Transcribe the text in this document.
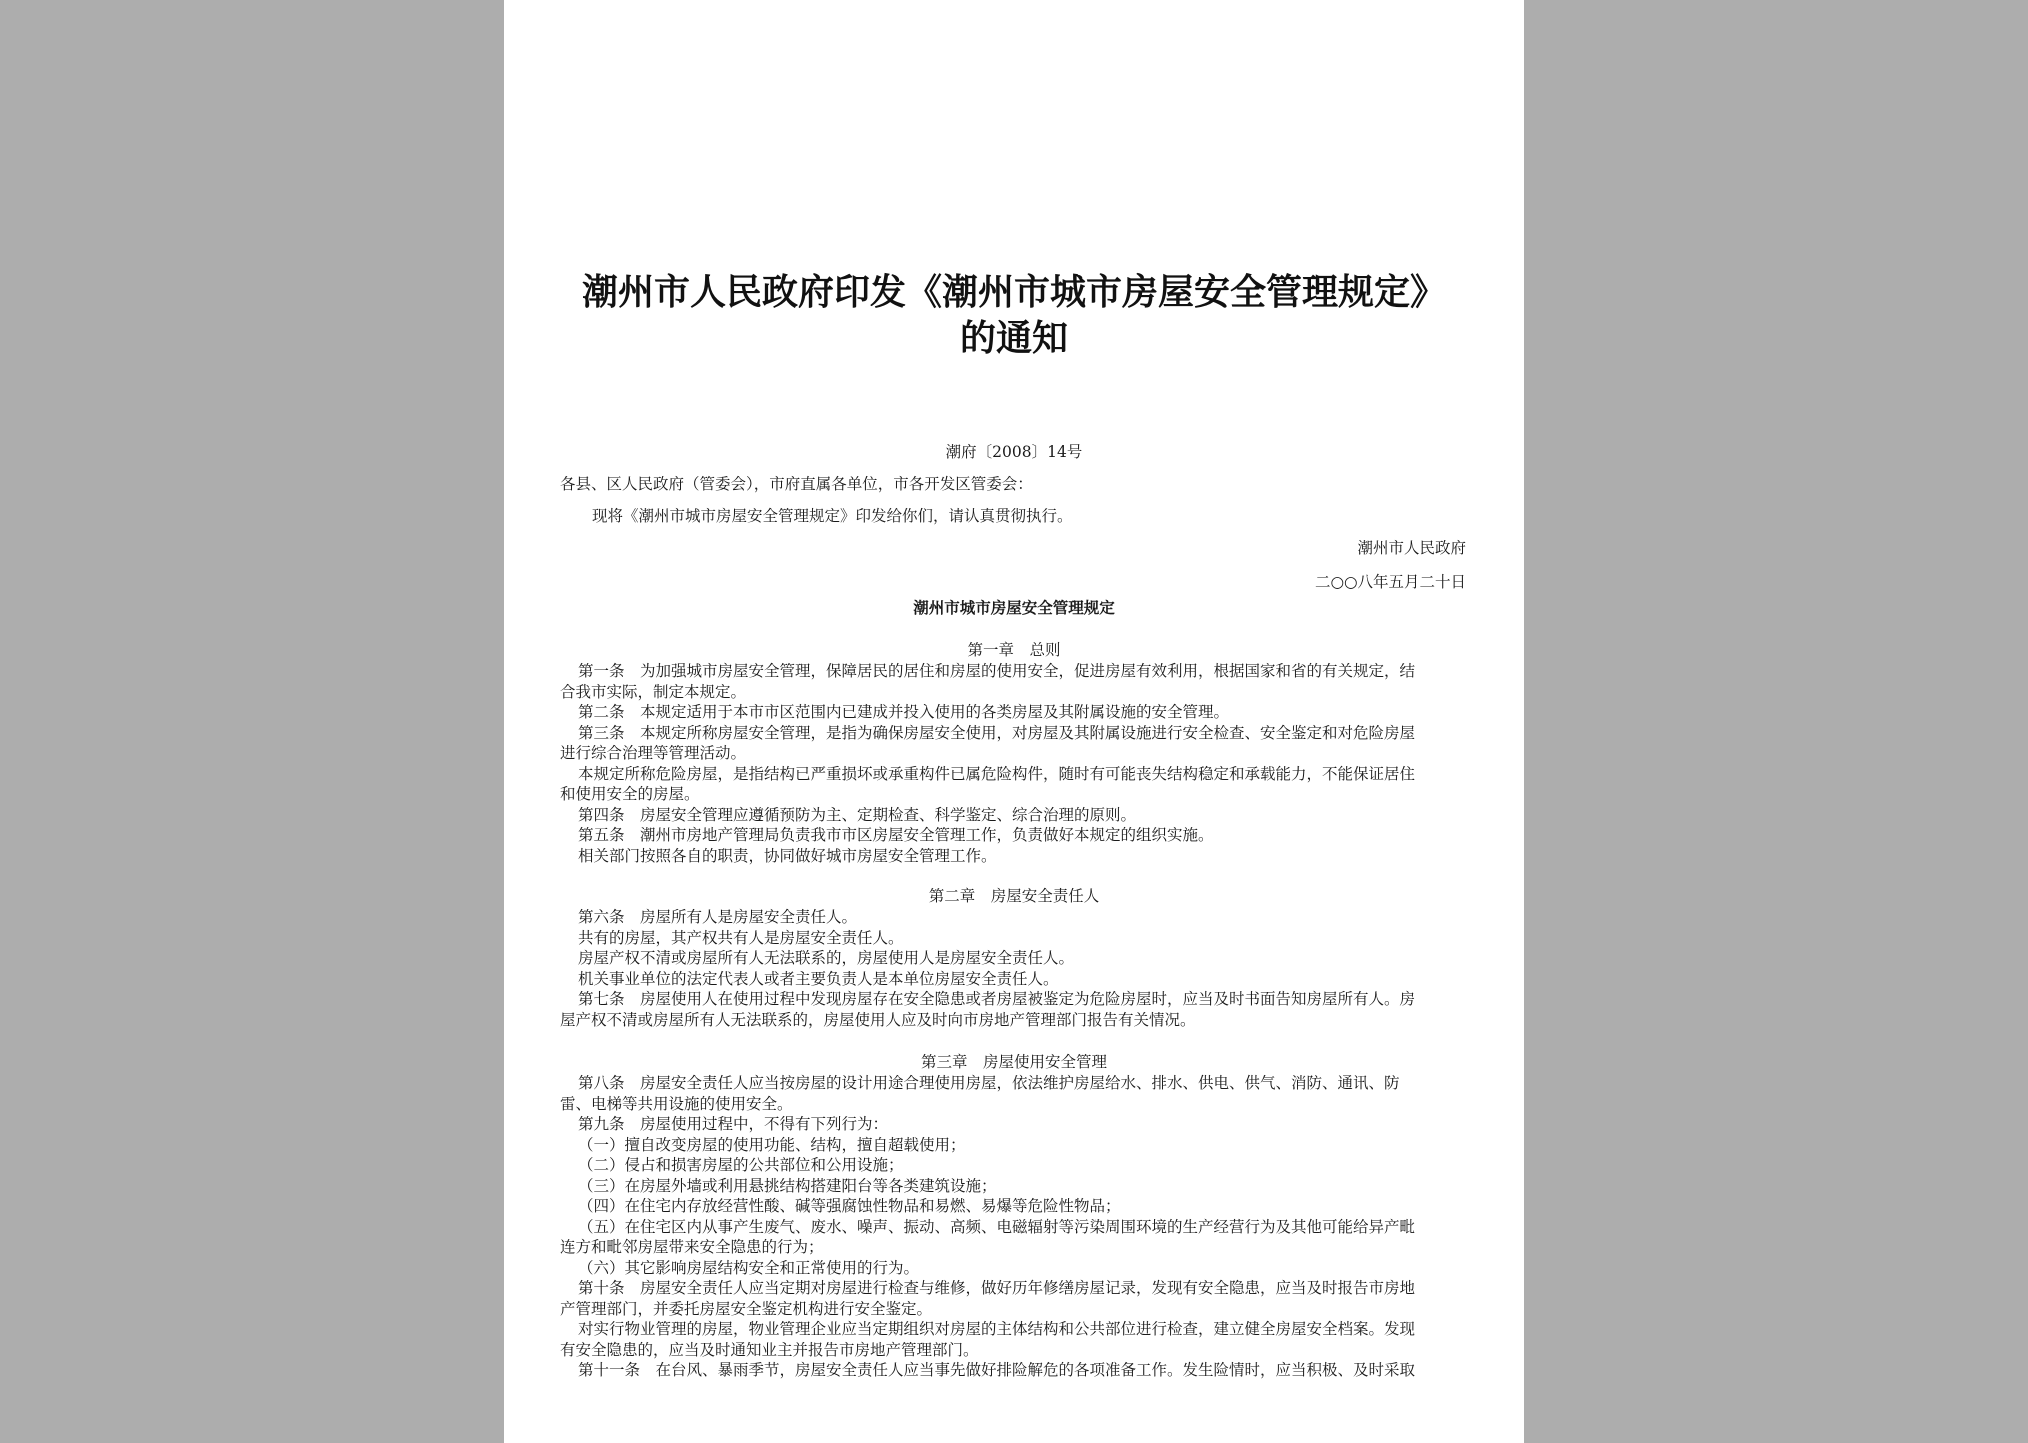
潮州市人民政府印发《潮州市城市房屋安全管理规定》
的通知
潮府〔2008〕14号
各县、区人民政府（管委会），市府直属各单位，市各开发区管委会：
现将《潮州市城市房屋安全管理规定》印发给你们，请认真贯彻执行。
潮州市人民政府
二○○八年五月二十日
潮州市城市房屋安全管理规定
第一章　总则
第一条　为加强城市房屋安全管理，保障居民的居住和房屋的使用安全，促进房屋有效利用，根据国家和省的有关规定，结
合我市实际，制定本规定。
第二条　本规定适用于本市市区范围内已建成并投入使用的各类房屋及其附属设施的安全管理。
第三条　本规定所称房屋安全管理，是指为确保房屋安全使用，对房屋及其附属设施进行安全检查、安全鉴定和对危险房屋
进行综合治理等管理活动。
本规定所称危险房屋，是指结构已严重损坏或承重构件已属危险构件，随时有可能丧失结构稳定和承载能力，不能保证居住
和使用安全的房屋。
第四条　房屋安全管理应遵循预防为主、定期检查、科学鉴定、综合治理的原则。
第五条　潮州市房地产管理局负责我市市区房屋安全管理工作，负责做好本规定的组织实施。
相关部门按照各自的职责，协同做好城市房屋安全管理工作。
第二章　房屋安全责任人
第六条　房屋所有人是房屋安全责任人。
共有的房屋，其产权共有人是房屋安全责任人。
房屋产权不清或房屋所有人无法联系的，房屋使用人是房屋安全责任人。
机关事业单位的法定代表人或者主要负责人是本单位房屋安全责任人。
第七条　房屋使用人在使用过程中发现房屋存在安全隐患或者房屋被鉴定为危险房屋时，应当及时书面告知房屋所有人。房
屋产权不清或房屋所有人无法联系的，房屋使用人应及时向市房地产管理部门报告有关情况。
第三章　房屋使用安全管理
第八条　房屋安全责任人应当按房屋的设计用途合理使用房屋，依法维护房屋给水、排水、供电、供气、消防、通讯、防
雷、电梯等共用设施的使用安全。
第九条　房屋使用过程中，不得有下列行为：
（一）擅自改变房屋的使用功能、结构，擅自超载使用；
（二）侵占和损害房屋的公共部位和公用设施；
（三）在房屋外墙或利用悬挑结构搭建阳台等各类建筑设施；
（四）在住宅内存放经营性酸、碱等强腐蚀性物品和易燃、易爆等危险性物品；
（五）在住宅区内从事产生废气、废水、噪声、振动、高频、电磁辐射等污染周围环境的生产经营行为及其他可能给异产毗
连方和毗邻房屋带来安全隐患的行为；
（六）其它影响房屋结构安全和正常使用的行为。
第十条　房屋安全责任人应当定期对房屋进行检查与维修，做好历年修缮房屋记录，发现有安全隐患，应当及时报告市房地
产管理部门，并委托房屋安全鉴定机构进行安全鉴定。
对实行物业管理的房屋，物业管理企业应当定期组织对房屋的主体结构和公共部位进行检查，建立健全房屋安全档案。发现
有安全隐患的，应当及时通知业主并报告市房地产管理部门。
第十一条　在台风、暴雨季节，房屋安全责任人应当事先做好排险解危的各项准备工作。发生险情时，应当积极、及时采取
